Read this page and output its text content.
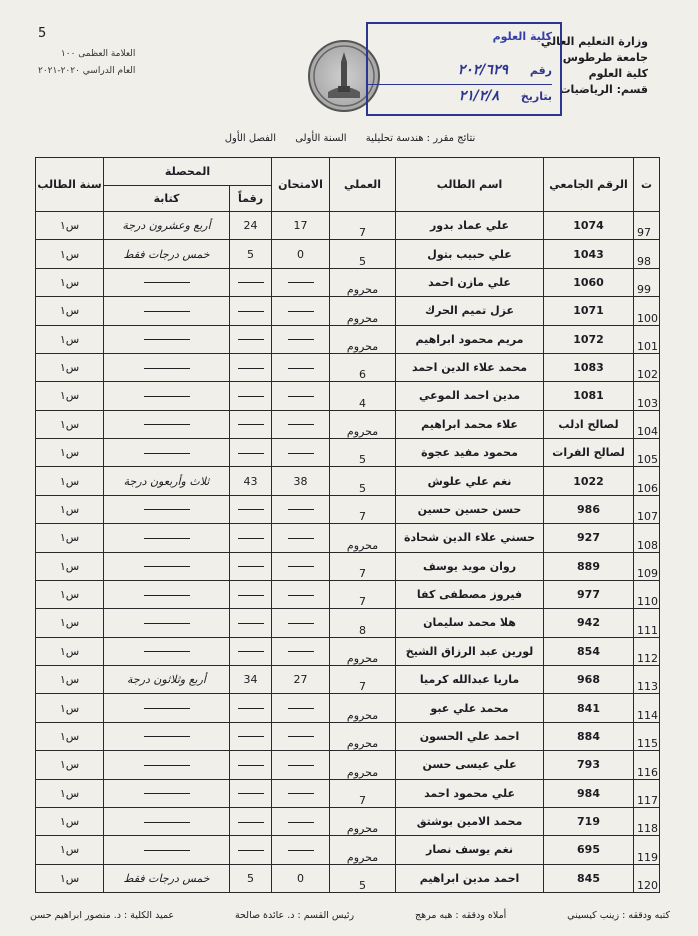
5
وزارة التعليم العالي
جامعة طرطوس
كلية العلوم
قسم: الرياضيات
العلامة العظمى ١٠٠
العام الدراسي ٢٠٢٠-٢٠٢١
كلية العلوم
رقم ٢٠٢/٦٢٩
بتاريخ ٢١/٢/٨
نتائج مقرر : هندسة تحليلية السنة الأولى الفصل الأول
ت	الرقم الجامعي	اسم الطالب	العملي	الامتحان	المحصلة		سنة الطالب
					رقماً	كتابة	
97	1074	علي عماد بدور	7	17	24	أربع وعشرون درجة	س١
98	1043	علي حبيب بتول	5	0	5	خمس درجات فقط	س١
99	1060	علي مازن احمد	محروم				س١
100	1071	عزل تميم الحرك	محروم				س١
101	1072	مريم محمود ابراهيم	محروم				س١
102	1083	محمد علاء الدين احمد	6				س١
103	1081	مدين احمد الموعي	4				س١
104	لصالح ادلب	علاء محمد ابراهيم	محروم				س١
105	لصالح الفرات	محمود مفيد عجوة	5				س١
106	1022	نغم علي علوش	5	38	43	ثلاث وأربعون درجة	س١
107	986	حسن حسين حسين	7				س١
108	927	حسني علاء الدين شحادة	محروم				س١
109	889	روان مويد يوسف	7				س١
110	977	فيروز مصطفى كفا	7				س١
111	942	هلا محمد سليمان	8				س١
112	854	لورين عبد الرزاق الشيخ	محروم				س١
113	968	ماريا عبدالله كرميا	7	27	34	أربع وثلاثون درجة	س١
114	841	محمد علي عبو	محروم				س١
115	884	احمد علي الحسون	محروم				س١
116	793	علي عيسى حسن	محروم				س١
117	984	علي محمود احمد	7				س١
118	719	محمد الامين بوشتق	محروم				س١
119	695	نغم يوسف نصار	محروم				س١
120	845	احمد مدين ابراهيم	5	0	5	خمس درجات فقط	س١
كتبه ودققه : زينب كيسيني
أملاه ودققه : هبه مرهج
رئيس القسم : د. عائدة صالحة
عميد الكلية : د. منصور ابراهيم حسن
